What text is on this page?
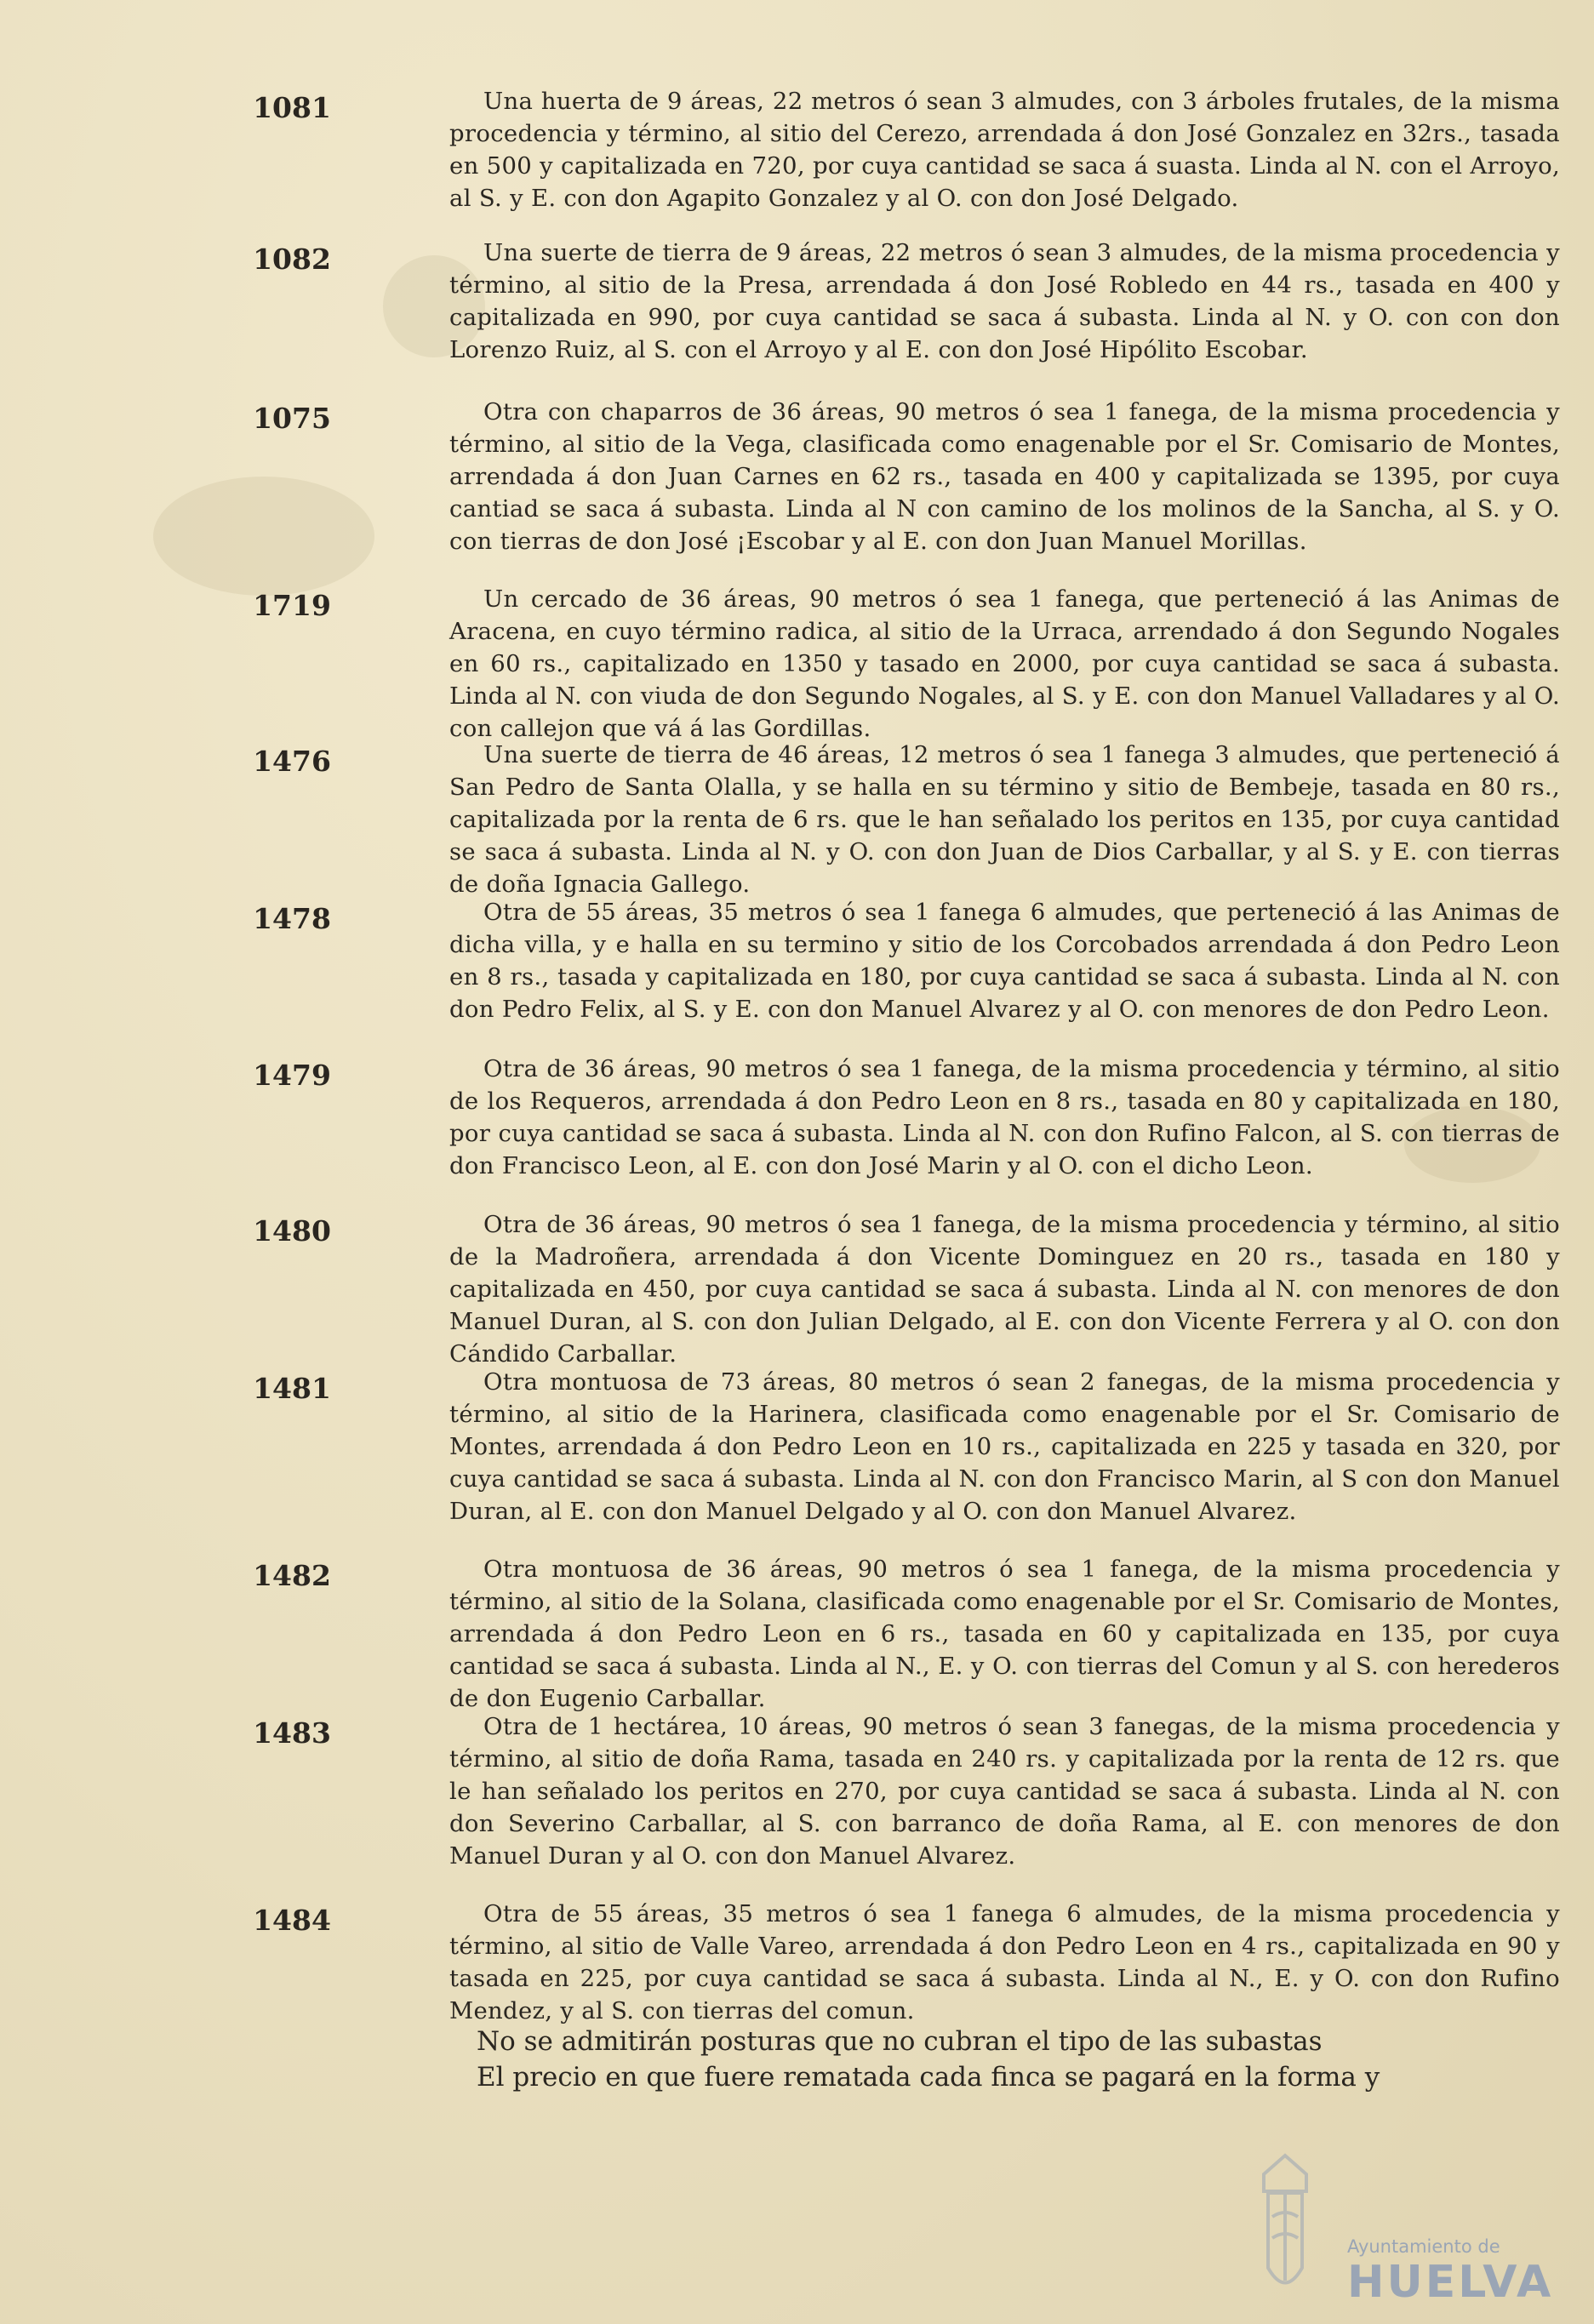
1081	Una huerta de 9 áreas, 22 metros ó sean 3 almudes, con 3 árboles frutales, de la misma procedencia y término, al sitio del Cerezo, arrendada á don José Gonzalez en 32rs., tasada en 500 y capitalizada en 720, por cuya cantidad se saca á suasta. Linda al N. con el Arroyo, al S. y E. con don Agapito Gonzalez y al O. con don José Delgado.

1082	Una suerte de tierra de 9 áreas, 22 metros ó sean 3 almudes, de la misma procedencia y término, al sitio de la Presa, arrendada á don José Robledo en 44 rs., tasada en 400 y capitalizada en 990, por cuya cantidad se saca á subasta. Linda al N. y O. con con don Lorenzo Ruiz, al S. con el Arroyo y al E. con don José Hipólito Escobar.

1075	Otra con chaparros de 36 áreas, 90 metros ó sea 1 fanega, de la misma procedencia y término, al sitio de la Vega, clasificada como enagenable por el Sr. Comisario de Montes, arrendada á don Juan Carnes en 62 rs., tasada en 400 y capitalizada se 1395, por cuya cantiad se saca á subasta. Linda al N con camino de los molinos de la Sancha, al S. y O. con tierras de don José ¡Escobar y al E. con don Juan Manuel Morillas.

1719	Un cercado de 36 áreas, 90 metros ó sea 1 fanega, que perteneció á las Animas de Aracena, en cuyo término radica, al sitio de la Urraca, arrendado á don Segundo Nogales en 60 rs., capitalizado en 1350 y tasado en 2000, por cuya cantidad se saca á subasta. Linda al N. con viuda de don Segundo Nogales, al S. y E. con don Manuel Valladares y al O. con callejon que vá á las Gordillas.

1476	Una suerte de tierra de 46 áreas, 12 metros ó sea 1 fanega 3 almudes, que perteneció á San Pedro de Santa Olalla, y se halla en su término y sitio de Bembeje, tasada en 80 rs., capitalizada por la renta de 6 rs. que le han señalado los peritos en 135, por cuya cantidad se saca á subasta. Linda al N. y O. con don Juan de Dios Carballar, y al S. y E. con tierras de doña Ignacia Gallego.

1478	Otra de 55 áreas, 35 metros ó sea 1 fanega 6 almudes, que perteneció á las Animas de dicha villa, y e halla en su termino y sitio de los Corcobados arrendada á don Pedro Leon en 8 rs., tasada y capitalizada en 180, por cuya cantidad se saca á subasta. Linda al N. con don Pedro Felix, al S. y E. con don Manuel Alvarez y al O. con menores de don Pedro Leon.

1479	Otra de 36 áreas, 90 metros ó sea 1 fanega, de la misma procedencia y término, al sitio de los Requeros, arrendada á don Pedro Leon en 8 rs., tasada en 80 y capitalizada en 180, por cuya cantidad se saca á subasta. Linda al N. con don Rufino Falcon, al S. con tierras de don Francisco Leon, al E. con don José Marin y al O. con el dicho Leon.

1480	Otra de 36 áreas, 90 metros ó sea 1 fanega, de la misma procedencia y término, al sitio de la Madroñera, arrendada á don Vicente Dominguez en 20 rs., tasada en 180 y capitalizada en 450, por cuya cantidad se saca á subasta. Linda al N. con menores de don Manuel Duran, al S. con don Julian Delgado, al E. con don Vicente Ferrera y al O. con don Cándido Carballar.

1481	Otra montuosa de 73 áreas, 80 metros ó sean 2 fanegas, de la misma procedencia y término, al sitio de la Harinera, clasificada como enagenable por el Sr. Comisario de Montes, arrendada á don Pedro Leon en 10 rs., capitalizada en 225 y tasada en 320, por cuya cantidad se saca á subasta. Linda al N. con don Francisco Marin, al S con don Manuel Duran, al E. con don Manuel Delgado y al O. con don Manuel Alvarez.

1482	Otra montuosa de 36 áreas, 90 metros ó sea 1 fanega, de la misma procedencia y término, al sitio de la Solana, clasificada como enagenable por el Sr. Comisario de Montes, arrendada á don Pedro Leon en 6 rs., tasada en 60 y capitalizada en 135, por cuya cantidad se saca á subasta. Linda al N., E. y O. con tierras del Comun y al S. con herederos de don Eugenio Carballar.

1483	Otra de 1 hectárea, 10 áreas, 90 metros ó sean 3 fanegas, de la misma procedencia y término, al sitio de doña Rama, tasada en 240 rs. y capitalizada por la renta de 12 rs. que le han señalado los peritos en 270, por cuya cantidad se saca á subasta. Linda al N. con don Severino Carballar, al S. con barranco de doña Rama, al E. con menores de don Manuel Duran y al O. con don Manuel Alvarez.

1484	Otra de 55 áreas, 35 metros ó sea 1 fanega 6 almudes, de la misma procedencia y término, al sitio de Valle Vareo, arrendada á don Pedro Leon en 4 rs., capitalizada en 90 y tasada en 225, por cuya cantidad se saca á subasta. Linda al N., E. y O. con don Rufino Mendez, y al S. con tierras del comun.

No se admitirán posturas que no cubran el tipo de las subastas

El precio en que fuere rematada cada finca se pagará en la forma y

Ayuntamiento de
HUELVA
